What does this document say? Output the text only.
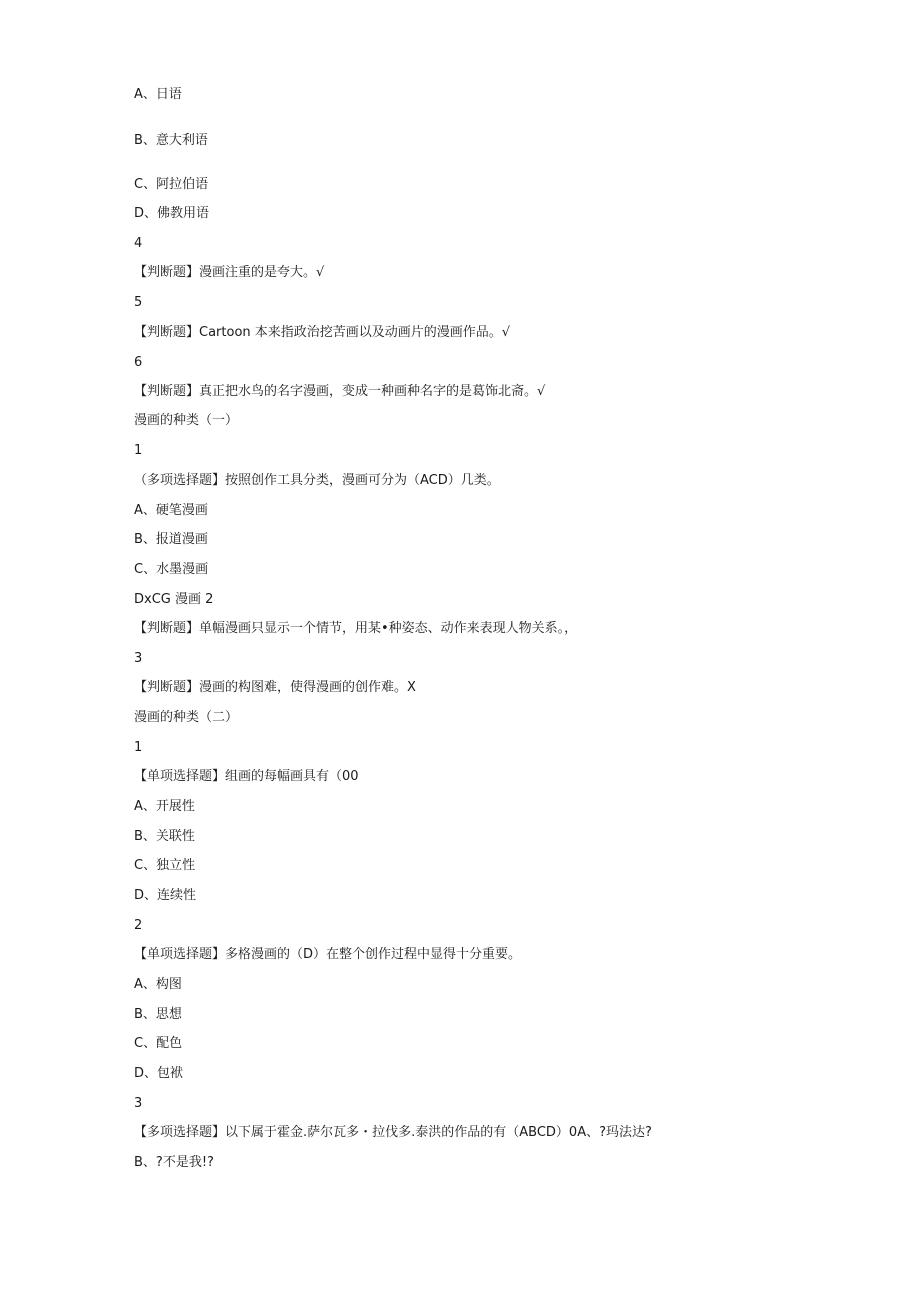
A、日语
B、意大利语
C、阿拉伯语
D、佛教用语
4
【判断题】漫画注重的是夸大。√
5
【判断题】Cartoon 本来指政治挖苦画以及动画片的漫画作品。√
6
【判断题】真正把水鸟的名字漫画，变成一种画种名字的是葛饰北斋。√
漫画的种类（一）
1
（多项选择题】按照创作工具分类，漫画可分为（ACD）几类。
A、硬笔漫画
B、报道漫画
C、水墨漫画
DxCG 漫画 2
【判断题】单幅漫画只显示一个情节，用某•种姿态、动作来表现人物关系。，
3
【判断题】漫画的构图难，使得漫画的创作难。X
漫画的种类（二）
1
【单项选择题】组画的每幅画具有（00
A、开展性
B、关联性
C、独立性
D、连续性
2
【单项选择题】多格漫画的（D）在整个创作过程中显得十分重要。
A、构图
B、思想
C、配色
D、包袱
3
【多项选择题】以下属于霍金.萨尔瓦多・拉伐多.泰洪的作品的有（ABCD）0A、?玛法达?
B、?不是我!?
